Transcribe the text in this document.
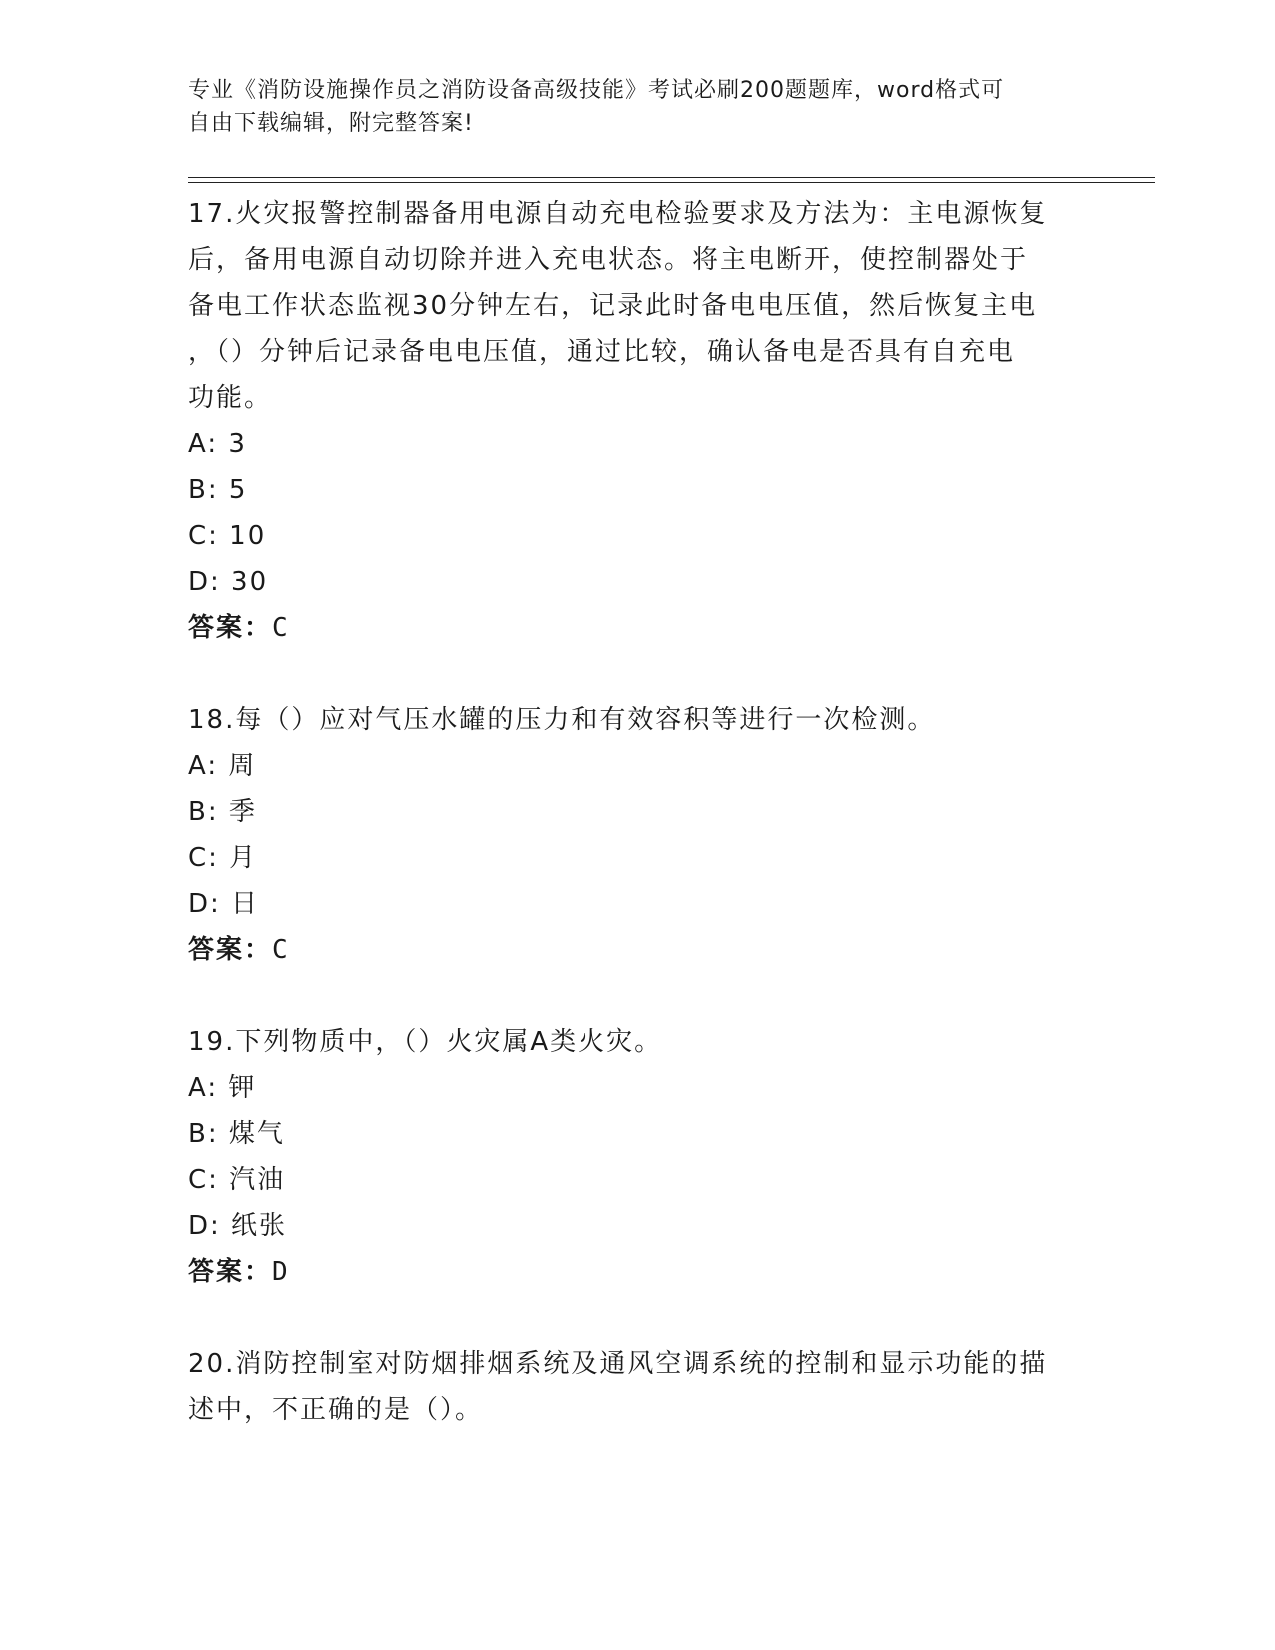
专业《消防设施操作员之消防设备高级技能》考试必刷200题题库，word格式可
自由下载编辑，附完整答案!

17.火灾报警控制器备用电源自动充电检验要求及方法为：主电源恢复

后，备用电源自动切除并进入充电状态。将主电断开，使控制器处于

备电工作状态监视30分钟左右，记录此时备电电压值，然后恢复主电

，（）分钟后记录备电电压值，通过比较，确认备电是否具有自充电

功能。

A: 3

B: 5

C: 10

D: 30

答案：C

18.每（）应对气压水罐的压力和有效容积等进行一次检测。

A: 周

B: 季

C: 月

D: 日

答案：C

19.下列物质中，（）火灾属A类火灾。

A: 钾

B: 煤气

C: 汽油

D: 纸张

答案：D

20.消防控制室对防烟排烟系统及通风空调系统的控制和显示功能的描

述中，不正确的是（）。
